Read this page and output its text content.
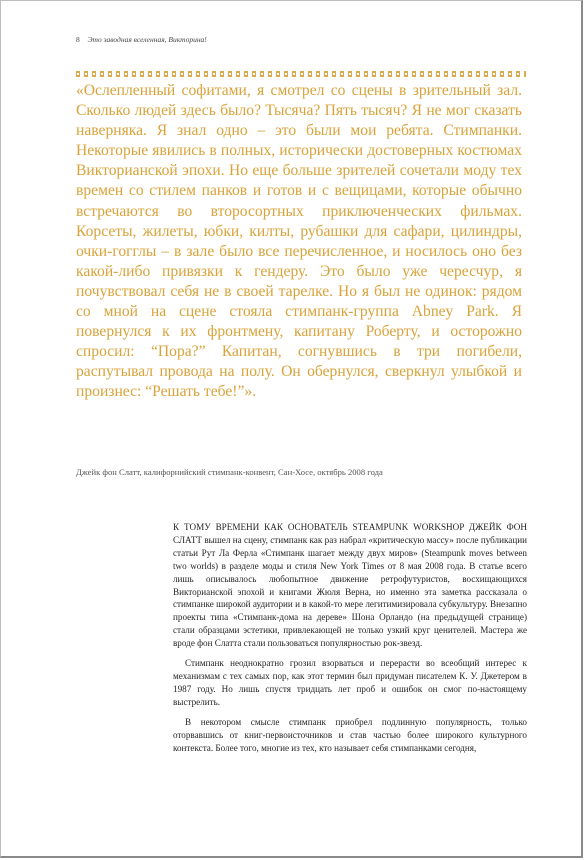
8 Это заводная вселенная, Викторина!

«Ослепленный софитами, я смотрел со сцены в зрительный зал. Сколько людей здесь было? Тысяча? Пять тысяч? Я не мог сказать наверняка. Я знал одно – это были мои ребята. Стимпанки. Некоторые явились в полных, исторически достоверных костюмах Викторианской эпохи. Но еще больше зрителей сочетали моду тех времен со стилем панков и готов и с вещицами, которые обычно встречаются во второсортных приключенческих фильмах. Корсеты, жилеты, юбки, килты, рубашки для сафари, цилиндры, очки-гогглы – в зале было все перечисленное, и носилось оно без какой-либо привязки к гендеру. Это было уже чересчур, я почувствовал себя не в своей тарелке. Но я был не одинок: рядом со мной на сцене стояла стимпанк-группа Abney Park. Я повернулся к их фронтмену, капитану Роберту, и осторожно спросил: “Пора?” Капитан, согнувшись в три погибели, распутывал провода на полу. Он обернулся, сверкнул улыбкой и произнес: “Решать тебе!”».

Джейк фон Слатт, калифорнийский стимпанк-конвент, Сан-Хосе, октябрь 2008 года

К ТОМУ ВРЕМЕНИ КАК ОСНОВАТЕЛЬ STEAMPUNK WORKSHOP ДЖЕЙК ФОН СЛАТТ вышел на сцену, стимпанк как раз набрал «критическую массу» после публикации статьи Рут Ла Ферла «Стимпанк шагает между двух миров» (Steampunk moves between two worlds) в разделе моды и стиля New York Times от 8 мая 2008 года. В статье всего лишь описывалось любопытное движение ретрофутуристов, восхищающихся Викторианской эпохой и книгами Жюля Верна, но именно эта заметка рассказала о стимпанке широкой аудитории и в какой-то мере легитимизировала субкультуру. Внезапно проекты типа «Стимпанк-дома на дереве» Шона Орландо (на предыдущей странице) стали образцами эстетики, привлекающей не только узкий круг ценителей. Мастера же вроде фон Слатта стали пользоваться популярностью рок-звезд.

Стимпанк неоднократно грозил взорваться и перерасти во всеобщий интерес к механизмам с тех самых пор, как этот термин был придуман писателем К. У. Джетером в 1987 году. Но лишь спустя тридцать лет проб и ошибок он смог по-настоящему выстрелить.

В некотором смысле стимпанк приобрел подлинную популярность, только оторвавшись от книг-первоисточников и став частью более широкого культурного контекста. Более того, многие из тех, кто называет себя стимпанками сегодня,
